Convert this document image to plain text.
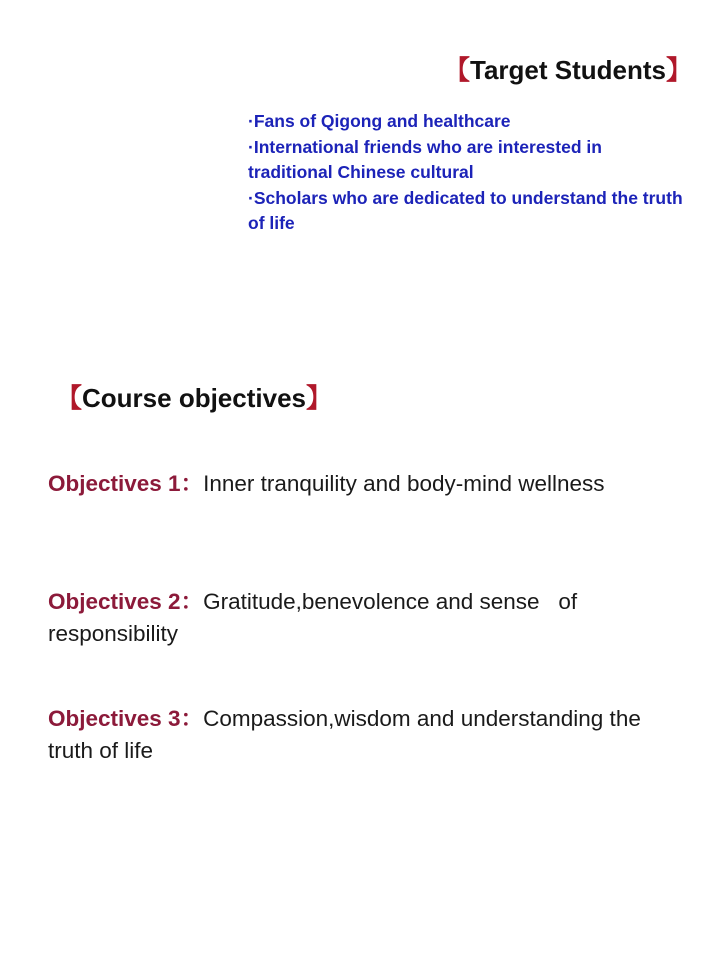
【Target Students】
·Fans of Qigong and healthcare
·International friends who are interested in traditional Chinese cultural
·Scholars who are dedicated to understand the truth of life
【Course objectives】
Objectives 1：Inner tranquility and body-mind wellness
Objectives 2：Gratitude,benevolence and sense   of responsibility
Objectives 3：Compassion,wisdom and understanding the truth of life
